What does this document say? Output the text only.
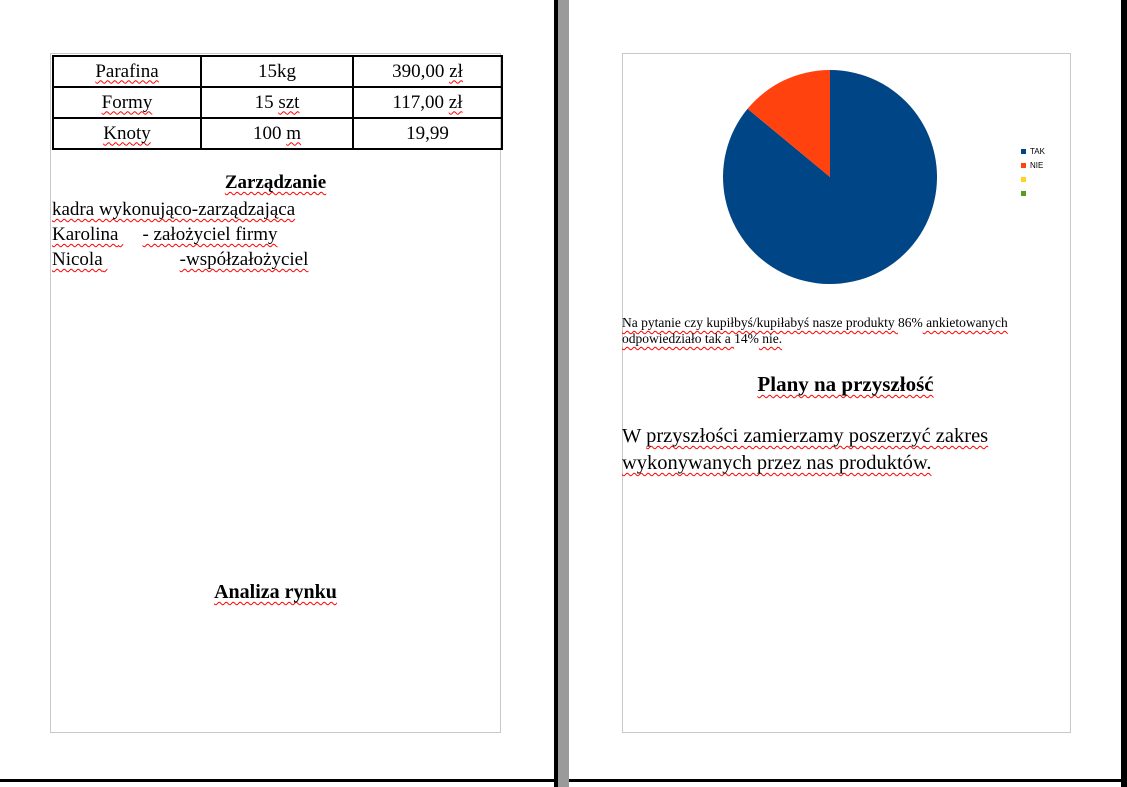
Parafina	15kg	390,00 zł
Formy	15 szt	117,00 zł
Knoty	100 m	19,99
Zarządzanie
kadra wykonująco-zarządzająca
Karolina - założyciel firmy
Nicola	-współzałożyciel
Analiza rynku
TAK
NIE
Na pytanie czy kupiłbyś/kupiłabyś nasze produkty 86% ankietowanych odpowiedziało tak a 14% nie.
Plany na przyszłość
W przyszłości zamierzamy poszerzyć zakres wykonywanych przez nas produktów.
